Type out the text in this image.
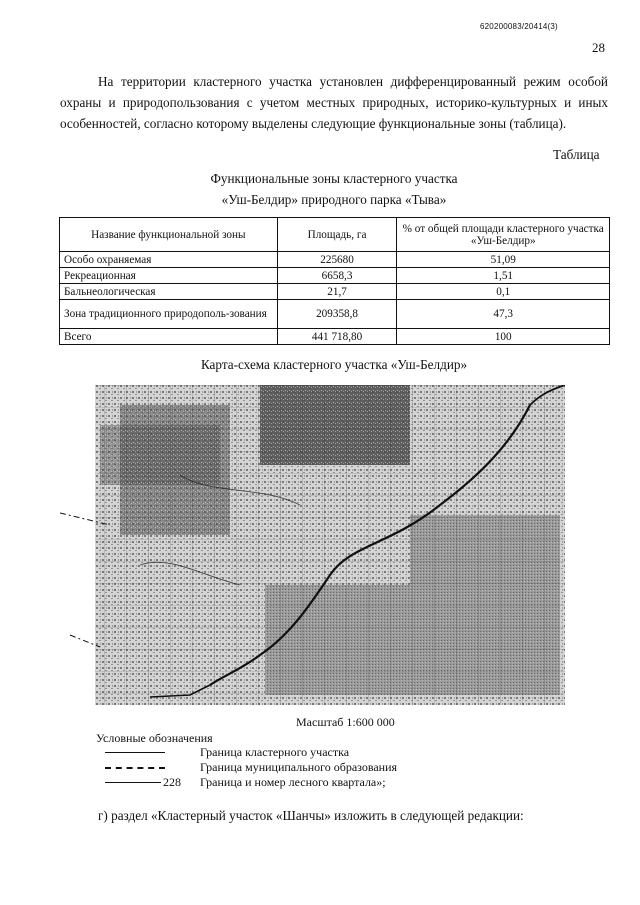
620200083/20414(3)
28
На территории кластерного участка установлен дифференцированный режим особой охраны и природопользования с учетом местных природных, историко-культурных и иных особенностей, согласно которому выделены следующие функциональные зоны (таблица).
Таблица
Функциональные зоны кластерного участка
«Уш-Белдир» природного парка «Тыва»
Название функциональной зоны	Площадь, га	% от общей площади кластерного участка «Уш-Белдир»
Особо охраняемая	225680	51,09
Рекреационная	6658,3	1,51
Бальнеологическая	21,7	0,1
Зона традиционного природополь-зования	209358,8	47,3
Всего	441 718,80	100
Карта-схема кластерного участка «Уш-Белдир»
Масштаб 1:600 000
Условные обозначения
Граница кластерного участка
Граница муниципального образования
228 Граница и номер лесного квартала»;
г) раздел «Кластерный участок «Шанчы» изложить в следующей редакции:
